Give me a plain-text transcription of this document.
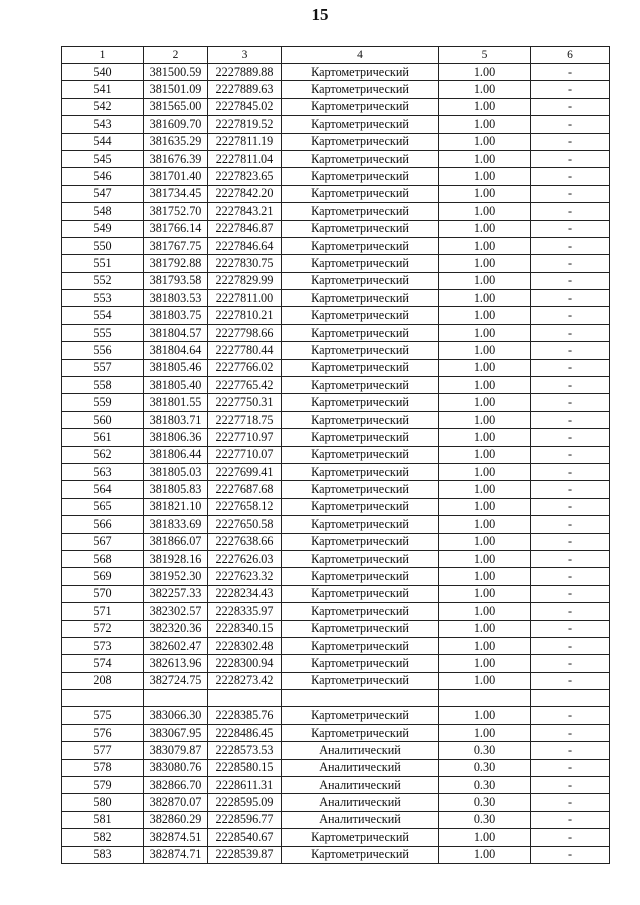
15
1	2	3	4	5	6
540	381500.59	2227889.88	Картометрический	1.00	-
541	381501.09	2227889.63	Картометрический	1.00	-
542	381565.00	2227845.02	Картометрический	1.00	-
543	381609.70	2227819.52	Картометрический	1.00	-
544	381635.29	2227811.19	Картометрический	1.00	-
545	381676.39	2227811.04	Картометрический	1.00	-
546	381701.40	2227823.65	Картометрический	1.00	-
547	381734.45	2227842.20	Картометрический	1.00	-
548	381752.70	2227843.21	Картометрический	1.00	-
549	381766.14	2227846.87	Картометрический	1.00	-
550	381767.75	2227846.64	Картометрический	1.00	-
551	381792.88	2227830.75	Картометрический	1.00	-
552	381793.58	2227829.99	Картометрический	1.00	-
553	381803.53	2227811.00	Картометрический	1.00	-
554	381803.75	2227810.21	Картометрический	1.00	-
555	381804.57	2227798.66	Картометрический	1.00	-
556	381804.64	2227780.44	Картометрический	1.00	-
557	381805.46	2227766.02	Картометрический	1.00	-
558	381805.40	2227765.42	Картометрический	1.00	-
559	381801.55	2227750.31	Картометрический	1.00	-
560	381803.71	2227718.75	Картометрический	1.00	-
561	381806.36	2227710.97	Картометрический	1.00	-
562	381806.44	2227710.07	Картометрический	1.00	-
563	381805.03	2227699.41	Картометрический	1.00	-
564	381805.83	2227687.68	Картометрический	1.00	-
565	381821.10	2227658.12	Картометрический	1.00	-
566	381833.69	2227650.58	Картометрический	1.00	-
567	381866.07	2227638.66	Картометрический	1.00	-
568	381928.16	2227626.03	Картометрический	1.00	-
569	381952.30	2227623.32	Картометрический	1.00	-
570	382257.33	2228234.43	Картометрический	1.00	-
571	382302.57	2228335.97	Картометрический	1.00	-
572	382320.36	2228340.15	Картометрический	1.00	-
573	382602.47	2228302.48	Картометрический	1.00	-
574	382613.96	2228300.94	Картометрический	1.00	-
208	382724.75	2228273.42	Картометрический	1.00	-

575	383066.30	2228385.76	Картометрический	1.00	-
576	383067.95	2228486.45	Картометрический	1.00	-
577	383079.87	2228573.53	Аналитический	0.30	-
578	383080.76	2228580.15	Аналитический	0.30	-
579	382866.70	2228611.31	Аналитический	0.30	-
580	382870.07	2228595.09	Аналитический	0.30	-
581	382860.29	2228596.77	Аналитический	0.30	-
582	382874.51	2228540.67	Картометрический	1.00	-
583	382874.71	2228539.87	Картометрический	1.00	-
